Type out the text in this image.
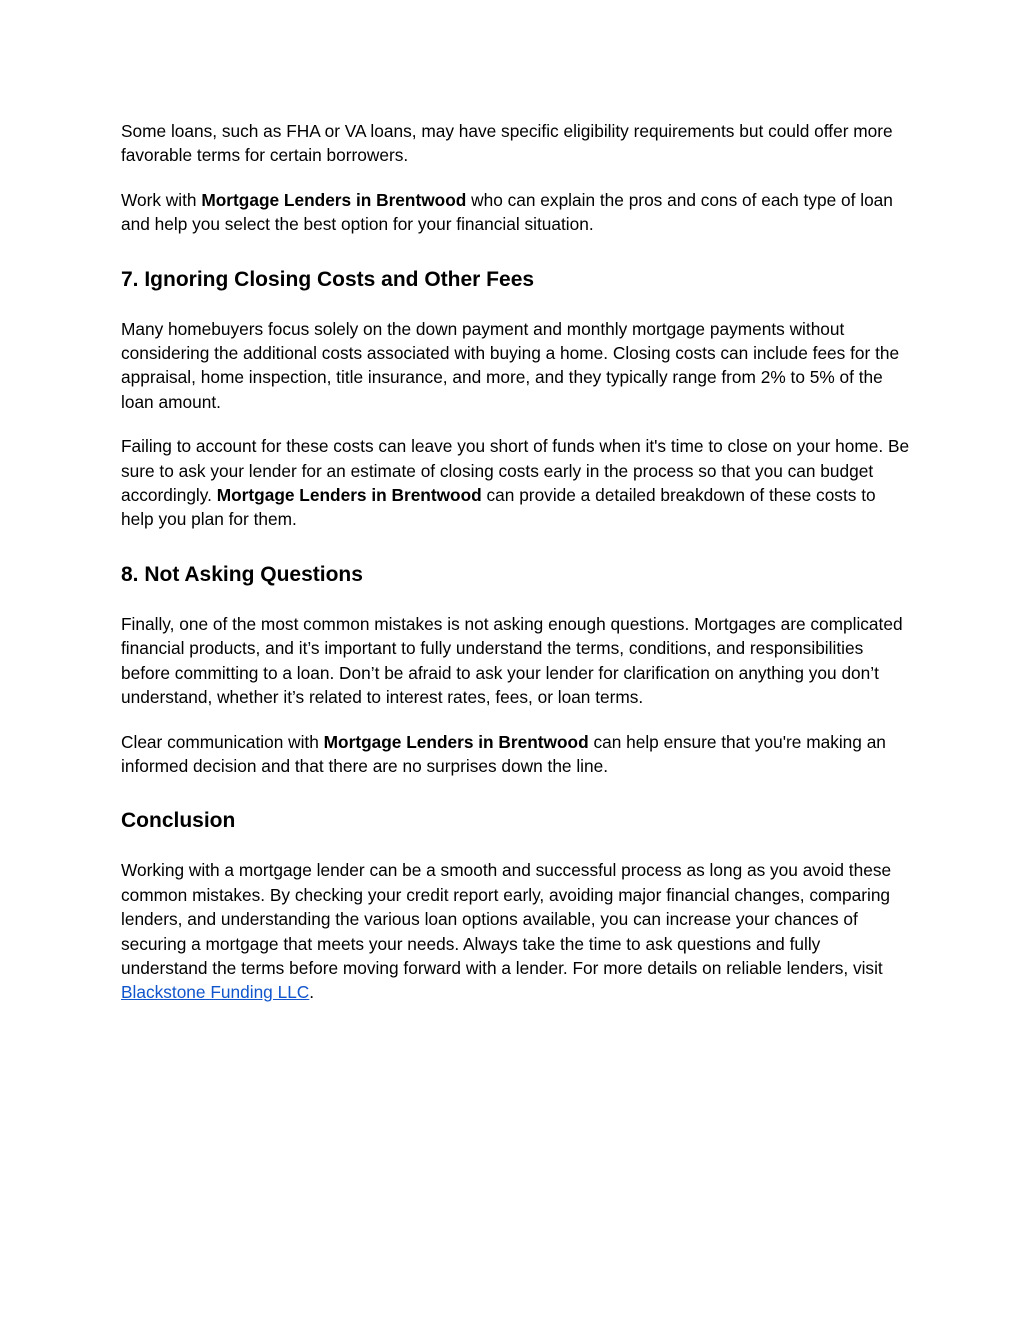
Some loans, such as FHA or VA loans, may have specific eligibility requirements but could offer more favorable terms for certain borrowers.

Work with Mortgage Lenders in Brentwood who can explain the pros and cons of each type of loan and help you select the best option for your financial situation.

7. Ignoring Closing Costs and Other Fees

Many homebuyers focus solely on the down payment and monthly mortgage payments without considering the additional costs associated with buying a home. Closing costs can include fees for the appraisal, home inspection, title insurance, and more, and they typically range from 2% to 5% of the loan amount.

Failing to account for these costs can leave you short of funds when it's time to close on your home. Be sure to ask your lender for an estimate of closing costs early in the process so that you can budget accordingly. Mortgage Lenders in Brentwood can provide a detailed breakdown of these costs to help you plan for them.

8. Not Asking Questions

Finally, one of the most common mistakes is not asking enough questions. Mortgages are complicated financial products, and it’s important to fully understand the terms, conditions, and responsibilities before committing to a loan. Don’t be afraid to ask your lender for clarification on anything you don’t understand, whether it’s related to interest rates, fees, or loan terms.

Clear communication with Mortgage Lenders in Brentwood can help ensure that you're making an informed decision and that there are no surprises down the line.

Conclusion

Working with a mortgage lender can be a smooth and successful process as long as you avoid these common mistakes. By checking your credit report early, avoiding major financial changes, comparing lenders, and understanding the various loan options available, you can increase your chances of securing a mortgage that meets your needs. Always take the time to ask questions and fully understand the terms before moving forward with a lender. For more details on reliable lenders, visit Blackstone Funding LLC.
